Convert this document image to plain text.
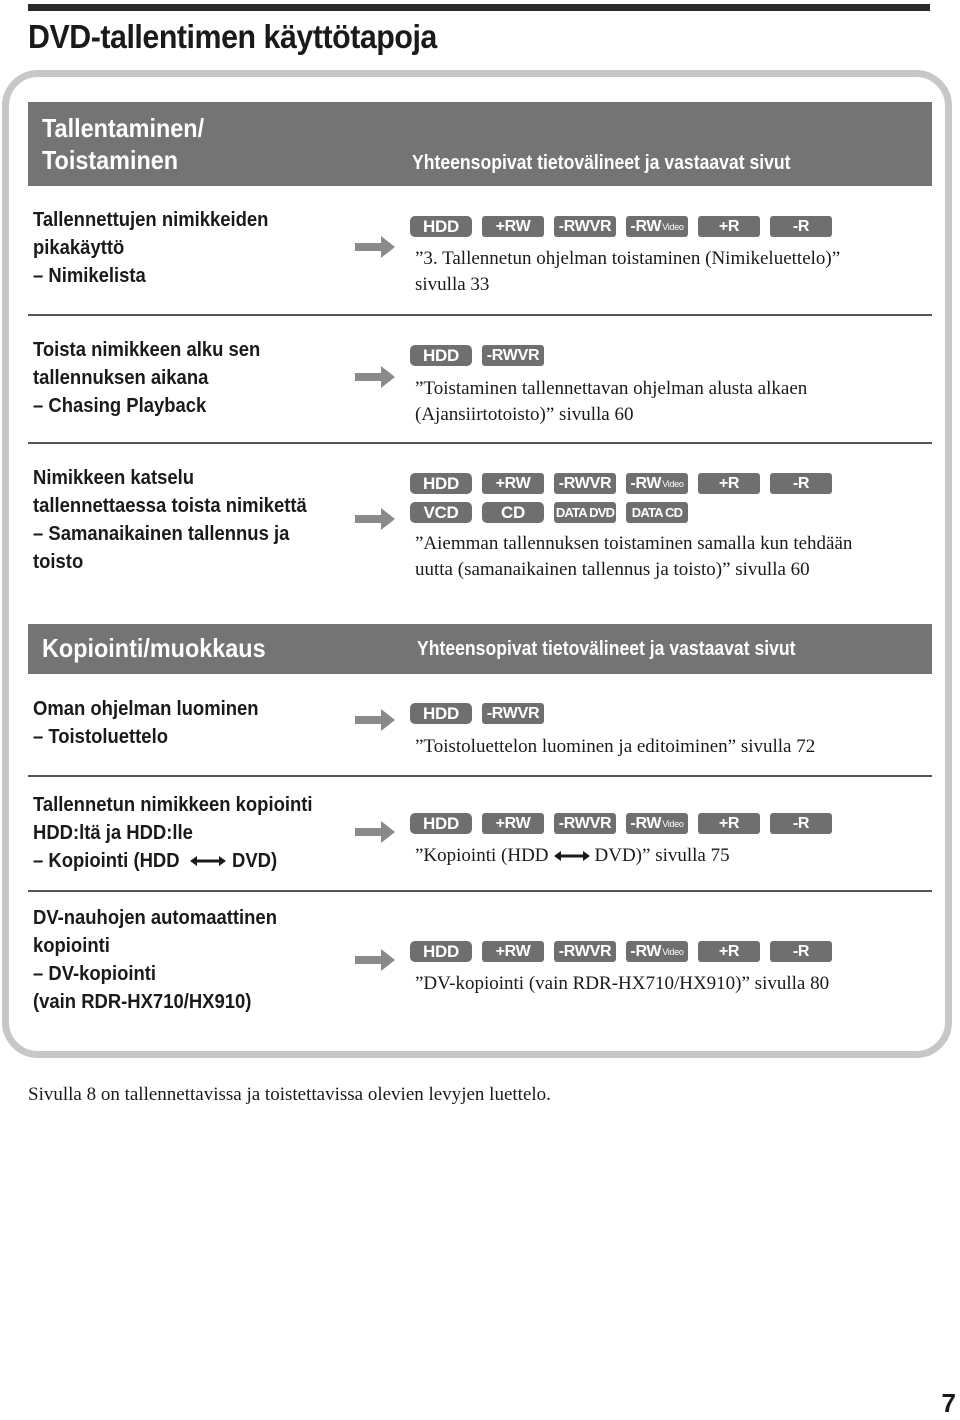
DVD-tallentimen käyttötapoja
Tallentaminen/
Toistaminen	Yhteensopivat tietovälineet ja vastaavat sivut
Tallennettujen nimikkeiden
pikakäyttö
– Nimikelista
HDD	+RW	-RWVR -RW Video	+R	-R
”3. Tallennetun ohjelman toistaminen (Nimikeluettelo)”
sivulla 33
Toista nimikkeen alku sen
tallennuksen aikana
– Chasing Playback
HDD	-RWVR
”Toistaminen tallennettavan ohjelman alusta alkaen
(Ajansiirtotoisto)” sivulla 60
Nimikkeen katselu
tallennettaessa toista nimikettä
– Samanaikainen tallennus ja
toisto
HDD	+RW	-RWVR -RW Video	+R	-R
VCD	CD	DATA DVD	DATA CD
”Aiemman tallennuksen toistaminen samalla kun tehdään
uutta (samanaikainen tallennus ja toisto)” sivulla 60
Kopiointi/muokkaus	Yhteensopivat tietovälineet ja vastaavat sivut
Oman ohjelman luominen
– Toistoluettelo
HDD	-RWVR
”Toistoluettelon luominen ja editoiminen” sivulla 72
Tallennetun nimikkeen kopiointi
HDD:ltä ja HDD:lle
– Kopiointi (HDD	DVD)
HDD	+RW	-RWVR -RW Video	+R	-R
”Kopiointi (HDD DVD)” sivulla 75
DV-nauhojen automaattinen
kopiointi
– DV-kopiointi
(vain RDR-HX710/HX910)
HDD	+RW	-RWVR -RW Video	+R	-R
”DV-kopiointi (vain RDR-HX710/HX910)” sivulla 80
Sivulla 8 on tallennettavissa ja toistettavissa olevien levyjen luettelo.
7
